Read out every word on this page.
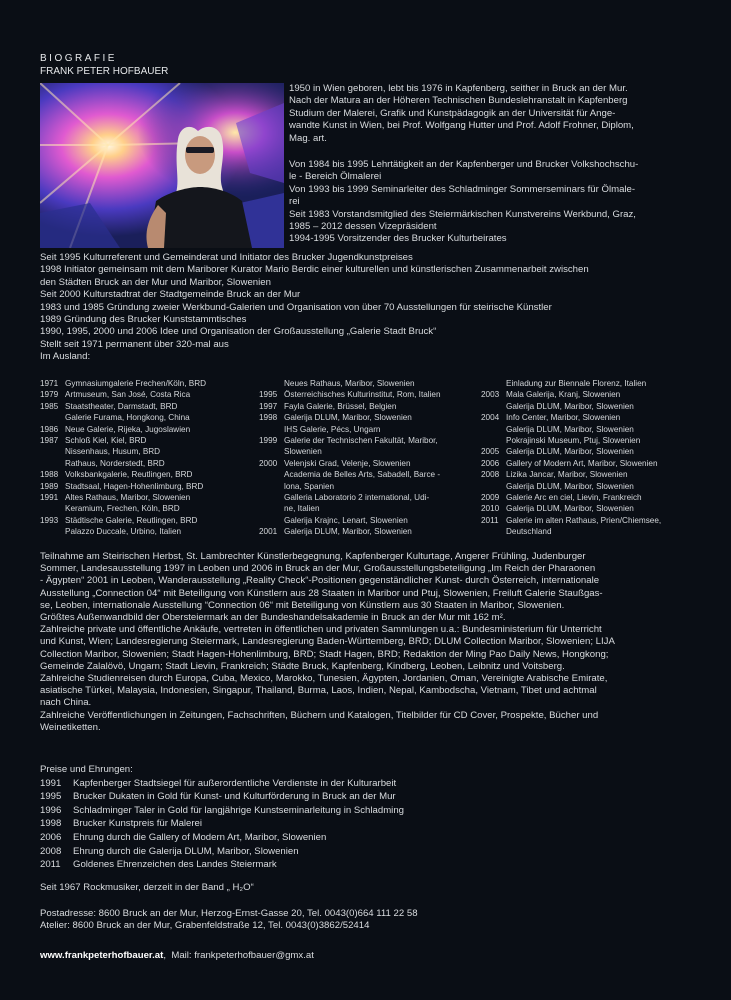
BIOGRAFIE
FRANK PETER HOFBAUER
1950 in Wien geboren, lebt bis 1976 in Kapfenberg, seither in Bruck an der Mur.
Nach der Matura an der Höheren Technischen Bundeslehranstalt in Kapfenberg
Studium der Malerei, Grafik und Kunstpädagogik an der Universität für Ange-
wandte Kunst in Wien, bei Prof. Wolfgang Hutter und Prof. Adolf Frohner, Diplom,
Mag. art.
Von 1984 bis 1995 Lehrtätigkeit an der Kapfenberger und Brucker Volkshochschu-
le - Bereich Ölmalerei
Von 1993 bis 1999 Seminarleiter des Schladminger Sommerseminars für Ölmale-
rei
Seit 1983 Vorstandsmitglied des Steiermärkischen Kunstvereins Werkbund, Graz,
1985 – 2012 dessen Vizepräsident
1994-1995 Vorsitzender des Brucker Kulturbeirates
Seit 1995 Kulturreferent und Gemeinderat und Initiator des Brucker Jugendkunstpreises
1998 Initiator gemeinsam mit dem Mariborer Kurator Mario Berdic einer kulturellen und künstlerischen Zusammenarbeit zwischen
den Städten Bruck an der Mur und Maribor, Slowenien
Seit 2000 Kulturstadtrat der Stadtgemeinde Bruck an der Mur
1983 und 1985 Gründung zweier Werkbund-Galerien und Organisation von über 70 Ausstellungen für steirische Künstler
1989 Gründung des Brucker Kunststammtisches
1990, 1995, 2000 und 2006 Idee und Organisation der Großausstellung „Galerie Stadt Bruck“
Stellt seit 1971 permanent über 320-mal aus
Im Ausland:
1971 Gymnasiumgalerie Frechen/Köln, BRD
1979 Artmuseum, San José, Costa Rica
1985 Staatstheater, Darmstadt, BRD
Galerie Furama, Hongkong, China
1986 Neue Galerie, Rijeka, Jugoslawien
1987 Schloß Kiel, Kiel, BRD
Nissenhaus, Husum, BRD
Rathaus, Norderstedt, BRD
1988 Volksbankgalerie, Reutlingen, BRD
1989 Stadtsaal, Hagen-Hohenlimburg, BRD
1991 Altes Rathaus, Maribor, Slowenien
Keramium, Frechen, Köln, BRD
1993 Städtische Galerie, Reutlingen, BRD
Palazzo Duccale, Urbino, Italien
Neues Rathaus, Maribor, Slowenien
1995 Österreichisches Kulturinstitut, Rom, Italien
1997 Fayla Galerie, Brüssel, Belgien
1998 Galerija DLUM, Maribor, Slowenien
IHS Galerie, Pécs, Ungarn
1999 Galerie der Technischen Fakultät, Maribor,
Slowenien
2000 Velenjski Grad, Velenje, Slowenien
Academia de Belles Arts, Sabadell, Barce -
lona, Spanien
Galleria Laboratorio 2 international, Udi-
ne, Italien
Galerija Krajnc, Lenart, Slowenien
2001 Galerija DLUM, Maribor, Slowenien
Einladung zur Biennale Florenz, Italien
2003 Mala Galerija, Kranj, Slowenien
Galerija DLUM, Maribor, Slowenien
2004 Info Center, Maribor, Slowenien
Galerija DLUM, Maribor, Slowenien
Pokrajinski Museum, Ptuj, Slowenien
2005 Galerija DLUM, Maribor, Slowenien
2006 Gallery of Modern Art, Maribor, Slowenien
2008 Lizika Jancar, Maribor, Slowenien
Galerija DLUM, Maribor, Slowenien
2009 Galerie Arc en ciel, Lievin, Frankreich
2010 Galerija DLUM, Maribor, Slowenien
2011 Galerie im alten Rathaus, Prien/Chiemsee,
Deutschland
Teilnahme am Steirischen Herbst, St. Lambrechter Künstlerbegegnung, Kapfenberger Kulturtage, Angerer Frühling, Judenburger
Sommer, Landesausstellung 1997 in Leoben und 2006 in Bruck an der Mur, Großausstellungsbeteiligung „Im Reich der Pharaonen
- Ägypten“ 2001 in Leoben, Wanderausstellung „Reality Check“-Positionen gegenständlicher Kunst- durch Österreich, internationale
Ausstellung „Connection 04“ mit Beteiligung von Künstlern aus 28 Staaten in Maribor und Ptuj, Slowenien, Freiluft Galerie Staußgas-
se, Leoben, internationale Ausstellung “Connection 06“ mit Beteiligung von Künstlern aus 30 Staaten in Maribor, Slowenien.
Größtes Außenwandbild der Obersteiermark an der Bundeshandelsakademie in Bruck an der Mur mit 162 m².
Zahlreiche private und öffentliche Ankäufe, vertreten in öffentlichen und privaten Sammlungen u.a.: Bundesministerium für Unterricht
und Kunst, Wien; Landesregierung Steiermark, Landesregierung Baden-Württemberg, BRD; DLUM Collection Maribor, Slowenien; LIJA
Collection Maribor, Slowenien; Stadt Hagen-Hohenlimburg, BRD; Stadt Hagen, BRD; Redaktion der Ming Pao Daily News, Hongkong;
Gemeinde Zalalövö, Ungarn; Stadt Lievin, Frankreich; Städte Bruck, Kapfenberg, Kindberg, Leoben, Leibnitz und Voitsberg.
Zahlreiche Studienreisen durch Europa, Cuba, Mexico, Marokko, Tunesien, Ägypten, Jordanien, Oman, Vereinigte Arabische Emirate,
asiatische Türkei, Malaysia, Indonesien, Singapur, Thailand, Burma, Laos, Indien, Nepal, Kambodscha, Vietnam, Tibet und achtmal
nach China.
Zahlreiche Veröffentlichungen in Zeitungen, Fachschriften, Büchern und Katalogen, Titelbilder für CD Cover, Prospekte, Bücher und
Weinetiketten.
Preise und Ehrungen:
1991	Kapfenberger Stadtsiegel für außerordentliche Verdienste in der Kulturarbeit
1995	Brucker Dukaten in Gold für Kunst- und Kulturförderung in Bruck an der Mur
1996	Schladminger Taler in Gold für langjährige Kunstseminarleitung in Schladming
1998	Brucker Kunstpreis für Malerei
2006	Ehrung durch die Gallery of Modern Art, Maribor, Slowenien
2008	Ehrung durch die Galerija DLUM, Maribor, Slowenien
2011	Goldenes Ehrenzeichen des Landes Steiermark
Seit 1967 Rockmusiker, derzeit in der Band „ H₂O“
Postadresse: 8600 Bruck an der Mur, Herzog-Ernst-Gasse 20, Tel. 0043(0)664 111 22 58
Atelier: 8600 Bruck an der Mur, Grabenfeldstraße 12, Tel. 0043(0)3862/52414
www.frankpeterhofbauer.at, Mail: frankpeterhofbauer@gmx.at
